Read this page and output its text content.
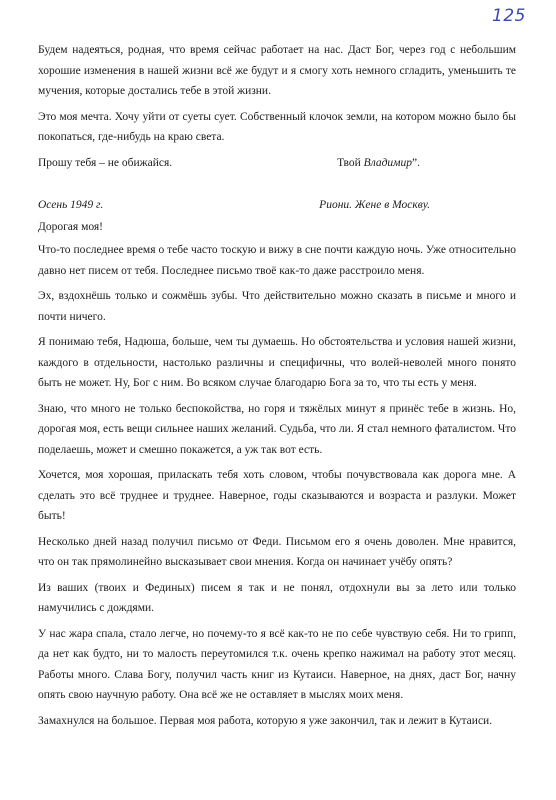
125

Будем надеяться, родная, что время сейчас работает на нас. Даст Бог, через год с небольшим хорошие изменения в нашей жизни всё же будут и я смогу хоть немного сгладить, уменьшить те мучения, которые достались тебе в этой жизни.

Это моя мечта. Хочу уйти от суеты сует. Собственный клочок земли, на котором можно было бы покопаться, где-нибудь на краю света.

Прошу тебя – не обижайся.	Твой Владимир”.
Осень 1949 г.	Риони. Жене в Москву.

Дорогая моя!

Что-то последнее время о тебе часто тоскую и вижу в сне почти каждую ночь. Уже относительно давно нет писем от тебя. Последнее письмо твоё как-то даже расстроило меня.

Эх, вздохнёшь только и сожмёшь зубы. Что действительно можно сказать в письме и много и почти ничего.

Я понимаю тебя, Надюша, больше, чем ты думаешь. Но обстоятельства и условия нашей жизни, каждого в отдельности, настолько различны и специфичны, что волей-неволей много понято быть не может. Ну, Бог с ним. Во всяком случае благодарю Бога за то, что ты есть у меня.

Знаю, что много не только беспокойства, но горя и тяжёлых минут я принёс тебе в жизнь. Но, дорогая моя, есть вещи сильнее наших желаний. Судьба, что ли. Я стал немного фаталистом. Что поделаешь, может и смешно покажется, а уж так вот есть.

Хочется, моя хорошая, приласкать тебя хоть словом, чтобы почувствовала как дорога мне. А сделать это всё труднее и труднее. Наверное, годы сказываются и возраста и разлуки. Может быть!

Несколько дней назад получил письмо от Феди. Письмом его я очень доволен. Мне нравится, что он так прямолинейно высказывает свои мнения. Когда он начинает учёбу опять?

Из ваших (твоих и Фединых) писем я так и не понял, отдохнули вы за лето или только намучились с дождями.

У нас жара спала, стало легче, но почему-то я всё как-то не по себе чувствую себя. Ни то грипп, да нет как будто, ни то малость переутомился т.к. очень крепко нажимал на работу этот месяц. Работы много. Слава Богу, получил часть книг из Кутаиси. Наверное, на днях, даст Бог, начну опять свою научную работу. Она всё же не оставляет в мыслях моих меня.

Замахнулся на большое. Первая моя работа, которую я уже закончил, так и лежит в Кутаиси.
